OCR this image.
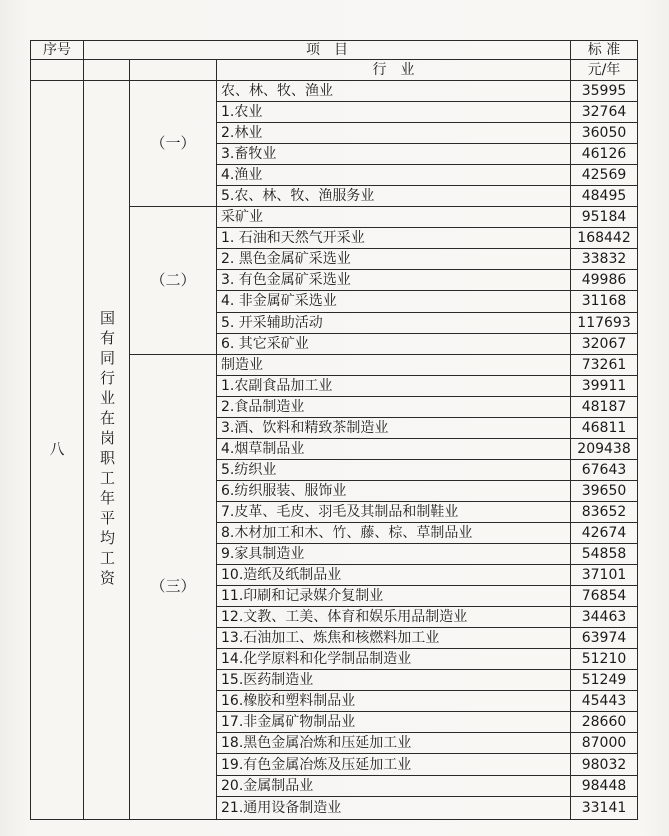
序号	项　目			标 准
			行　业	元/年
八	国有同行业在岗职工年平均工资	（一）	农、林、牧、渔业	35995
			1.农业	32764
			2.林业	36050
			3.畜牧业	46126
			4.渔业	42569
			5.农、林、牧、渔服务业	48495
		（二）	采矿业	95184
			1. 石油和天然气开采业	168442
			2. 黑色金属矿采选业	33832
			3. 有色金属矿采选业	49986
			4. 非金属矿采选业	31168
			5. 开采辅助活动	117693
			6. 其它采矿业	32067
		（三）	制造业	73261
			1.农副食品加工业	39911
			2.食品制造业	48187
			3.酒、饮料和精致茶制造业	46811
			4.烟草制品业	209438
			5.纺织业	67643
			6.纺织服装、服饰业	39650
			7.皮革、毛皮、羽毛及其制品和制鞋业	83652
			8.木材加工和木、竹、藤、棕、草制品业	42674
			9.家具制造业	54858
			10.造纸及纸制品业	37101
			11.印刷和记录媒介复制业	76854
			12.文教、工美、体育和娱乐用品制造业	34463
			13.石油加工、炼焦和核燃料加工业	63974
			14.化学原料和化学制品制造业	51210
			15.医药制造业	51249
			16.橡胶和塑料制品业	45443
			17.非金属矿物制品业	28660
			18.黑色金属冶炼和压延加工业	87000
			19.有色金属冶炼及压延加工业	98032
			20.金属制品业	98448
			21.通用设备制造业	33141
